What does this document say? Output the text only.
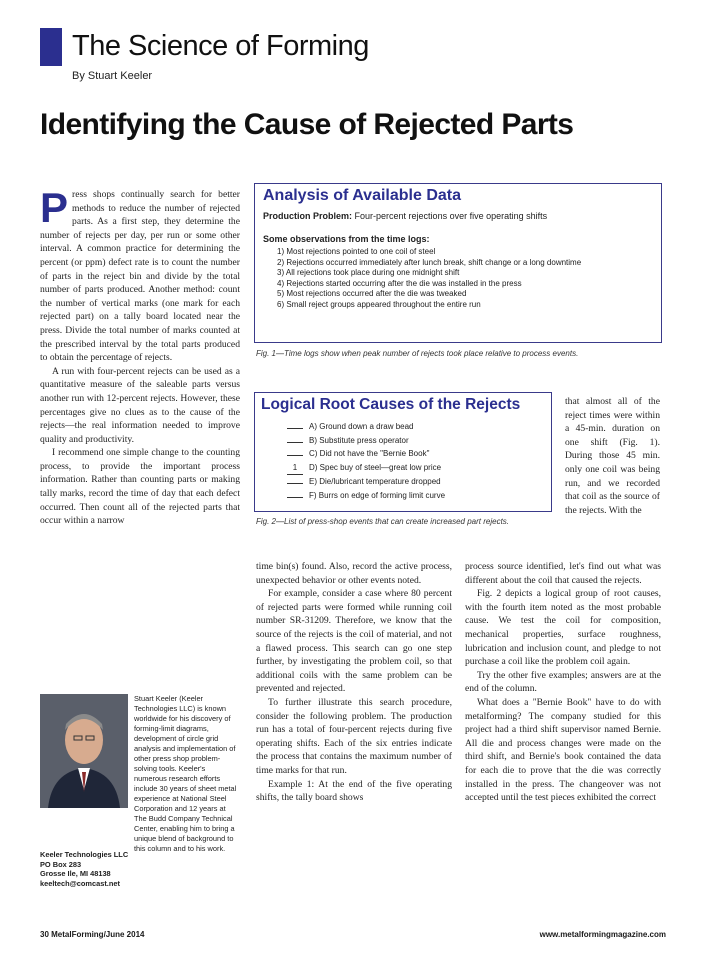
The Science of Forming
By Stuart Keeler
Identifying the Cause of Rejected Parts

Press shops continually search for better methods to reduce the number of rejected parts. As a first step, they determine the number of rejects per day, per run or some other interval. A common practice for determining the percent (or ppm) defect rate is to count the number of parts in the reject bin and divide by the total number of parts produced. Another method: count the number of vertical marks (one mark for each rejected part) on a tally board located near the press. Divide the total number of marks counted at the prescribed interval by the total parts produced to obtain the percentage of rejects.

A run with four-percent rejects can be used as a quantitative measure of the saleable parts versus another run with 12-percent rejects. However, these percentages give no clues as to the cause of the rejects—the real information needed to improve quality and productivity.

I recommend one simple change to the counting process, to provide the important process information. Rather than counting parts or making tally marks, record the time of day that each defect occurred. Then count all of the rejected parts that occur within a narrow

Stuart Keeler (Keeler Technologies LLC) is known worldwide for his discovery of forming-limit diagrams, development of circle grid analysis and implementation of other press shop problem-solving tools. Keeler's numerous research efforts include 30 years of sheet metal experience at National Steel Corporation and 12 years at The Budd Company Technical Center, enabling him to bring a unique blend of background to this column and to his work.
Keeler Technologies LLC
PO Box 283
Grosse Ile, MI 48138
keeltech@comcast.net
Analysis of Available Data
Production Problem: Four-percent rejections over five operating shifts
Some observations from the time logs:
1) Most rejections pointed to one coil of steel
2) Rejections occurred immediately after lunch break, shift change or a long downtime
3) All rejections took place during one midnight shift
4) Rejections started occurring after the die was installed in the press
5) Most rejections occurred after the die was tweaked
6) Small reject groups appeared throughout the entire run
Fig. 1—Time logs show when peak number of rejects took place relative to process events.
Logical Root Causes of the Rejects
A) Ground down a draw bead
B) Substitute press operator
C) Did not have the "Bernie Book"
1 D) Spec buy of steel—great low price
E) Die/lubricant temperature dropped
F) Burrs on edge of forming limit curve
Fig. 2—List of press-shop events that can create increased part rejects.

that almost all of the reject times were within a 45-min. duration on one shift (Fig. 1). During those 45 min. only one coil was being run, and we recorded that coil as the source of the rejects. With the

time bin(s) found. Also, record the active process, unexpected behavior or other events noted.

For example, consider a case where 80 percent of rejected parts were formed while running coil number SR-31209. Therefore, we know that the source of the rejects is the coil of material, and not a flawed process. This search can go one step further, by investigating the problem coil, so that additional coils with the same problem can be prevented and rejected.

To further illustrate this search procedure, consider the following problem. The production run has a total of four-percent rejects during five operating shifts. Each of the six entries indicate the process that contains the maximum number of time marks for that run.

Example 1: At the end of the five operating shifts, the tally board shows

process source identified, let's find out what was different about the coil that caused the rejects.

Fig. 2 depicts a logical group of root causes, with the fourth item noted as the most probable cause. We test the coil for composition, mechanical properties, surface roughness, lubrication and inclusion count, and pledge to not purchase a coil like the problem coil again.

Try the other five examples; answers are at the end of the column.

What does a "Bernie Book" have to do with metalforming? The company studied for this project had a third shift supervisor named Bernie. All die and process changes were made on the third shift, and Bernie's book contained the data for each die to prove that the die was correctly installed in the press. The changeover was not accepted until the test pieces exhibited the correct

30 MetalForming/June 2014	www.metalformingmagazine.com
